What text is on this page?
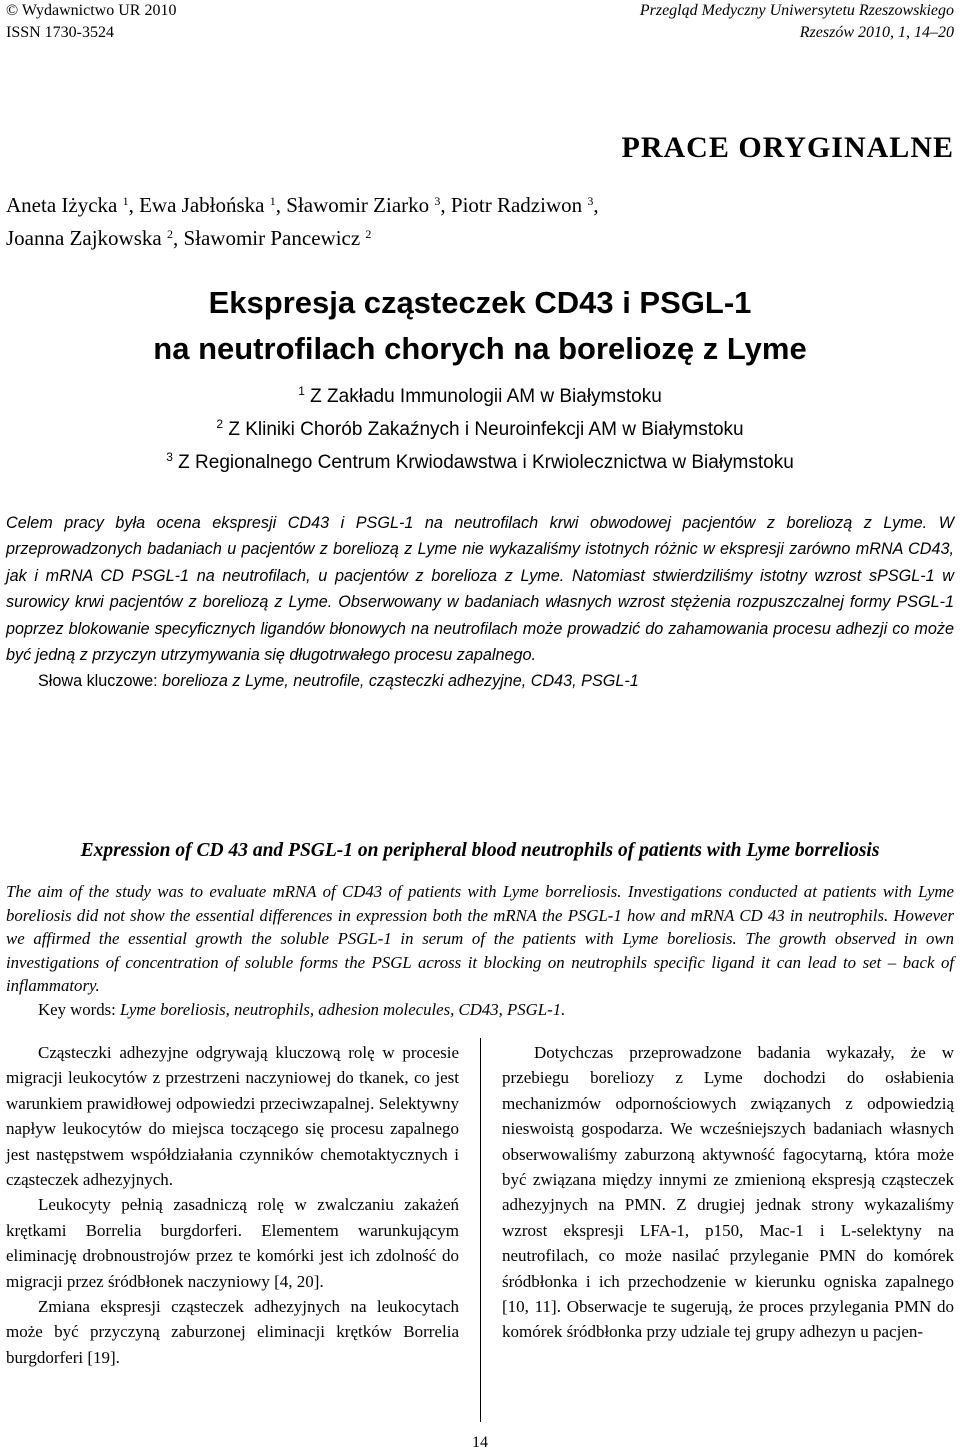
© Wydawnictwo UR 2010
ISSN 1730-3524
Przegląd Medyczny Uniwersytetu Rzeszowskiego
Rzeszów 2010, 1, 14–20
PRACE ORYGINALNE
Aneta Iżycka $^1$, Ewa Jabłońska $^1$, Sławomir Ziarko $^3$, Piotr Radziwon $^3$,
Joanna Zajkowska $^2$, Sławomir Pancewicz $^2$
Ekspresja cząsteczek CD43 i PSGL-1
na neutrofilach chorych na boreliozę z Lyme
$^1$ Z Zakładu Immunologii AM w Białymstoku
$^2$ Z Kliniki Chorób Zakaźnych i Neuroinfekcji AM w Białymstoku
$^3$ Z Regionalnego Centrum Krwiodawstwa i Krwiolecznictwa w Białymstoku

Celem pracy była ocena ekspresji CD43 i PSGL-1 na neutrofilach krwi obwodowej pacjentów z boreliozą z Lyme. W przeprowadzonych badaniach u pacjentów z boreliozą z Lyme nie wykazaliśmy istotnych różnic w ekspresji zarówno mRNA CD43, jak i mRNA CD PSGL-1 na neutrofilach, u pacjentów z borelioza z Lyme. Natomiast stwierdziliśmy istotny wzrost sPSGL-1 w surowicy krwi pacjentów z boreliozą z Lyme. Obserwowany w badaniach własnych wzrost stężenia rozpuszczalnej formy PSGL-1 poprzez blokowanie specyficznych ligandów błonowych na neutrofilach może prowadzić do zahamowania procesu adhezji co może być jedną z przyczyn utrzymywania się długotrwałego procesu zapalnego.

Słowa kluczowe: borelioza z Lyme, neutrofile, cząsteczki adhezyjne, CD43, PSGL-1

Expression of CD 43 and PSGL-1 on peripheral blood neutrophils of patients with Lyme borreliosis

The aim of the study was to evaluate mRNA of CD43 of patients with Lyme borreliosis. Investigations conducted at patients with Lyme boreliosis did not show the essential differences in expression both the mRNA the PSGL-1 how and mRNA CD 43 in neutrophils. However we affirmed the essential growth the soluble PSGL-1 in serum of the patients with Lyme boreliosis. The growth observed in own investigations of concentration of soluble forms the PSGL across it blocking on neutrophils specific ligand it can lead to set – back of inflammatory.

Key words: Lyme boreliosis, neutrophils, adhesion molecules, CD43, PSGL-1.

Cząsteczki adhezyjne odgrywają kluczową rolę w procesie migracji leukocytów z przestrzeni naczyniowej do tkanek, co jest warunkiem prawidłowej odpowiedzi przeciwzapalnej. Selektywny napływ leukocytów do miejsca toczącego się procesu zapalnego jest następstwem współdziałania czynników chemotaktycznych i cząsteczek adhezyjnych.

Leukocyty pełnią zasadniczą rolę w zwalczaniu zakażeń krętkami Borrelia burgdorferi. Elementem warunkującym eliminację drobnoustrojów przez te komórki jest ich zdolność do migracji przez śródbłonek naczyniowy [4, 20].

Zmiana ekspresji cząsteczek adhezyjnych na leukocytach może być przyczyną zaburzonej eliminacji krętków Borrelia burgdorferi [19].

Dotychczas przeprowadzone badania wykazały, że w przebiegu boreliozy z Lyme dochodzi do osłabienia mechanizmów odpornościowych związanych z odpowiedzią nieswoistą gospodarza. We wcześniejszych badaniach własnych obserwowaliśmy zaburzoną aktywność fagocytarną, która może być związana między innymi ze zmienioną ekspresją cząsteczek adhezyjnych na PMN. Z drugiej jednak strony wykazaliśmy wzrost ekspresji LFA-1, p150, Mac-1 i L-selektyny na neutrofilach, co może nasilać przyleganie PMN do komórek śródbłonka i ich przechodzenie w kierunku ogniska zapalnego [10, 11]. Obserwacje te sugerują, że proces przylegania PMN do komórek śródbłonka przy udziale tej grupy adhezyn u pacjen-

14
